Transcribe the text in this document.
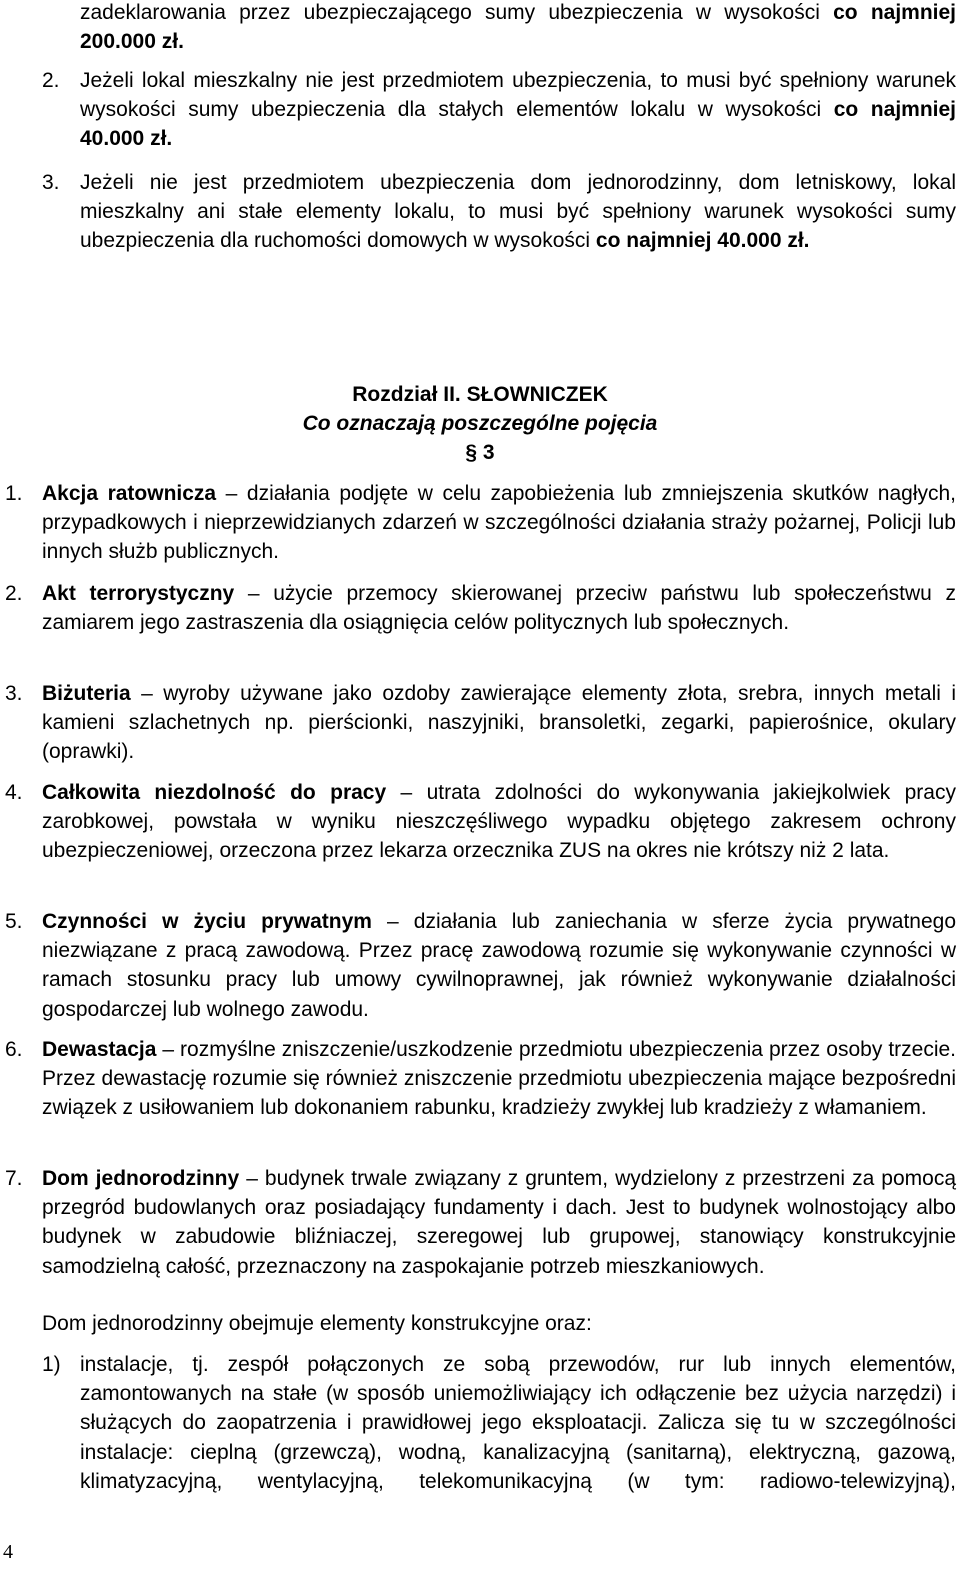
zadeklarowania przez ubezpieczającego sumy ubezpieczenia w wysokości co najmniej 200.000 zł.

2. Jeżeli lokal mieszkalny nie jest przedmiotem ubezpieczenia, to musi być spełniony warunek wysokości sumy ubezpieczenia dla stałych elementów lokalu w wysokości co najmniej 40.000 zł.

3. Jeżeli nie jest przedmiotem ubezpieczenia dom jednorodzinny, dom letniskowy, lokal mieszkalny ani stałe elementy lokalu, to musi być spełniony warunek wysokości sumy ubezpieczenia dla ruchomości domowych w wysokości co najmniej 40.000 zł.

Rozdział II. SŁOWNICZEK
Co oznaczają poszczególne pojęcia
§ 3
1. Akcja ratownicza – działania podjęte w celu zapobieżenia lub zmniejszenia skutków nagłych, przypadkowych i nieprzewidzianych zdarzeń w szczególności działania straży pożarnej, Policji lub innych służb publicznych.

2. Akt terrorystyczny – użycie przemocy skierowanej przeciw państwu lub społeczeństwu z zamiarem jego zastraszenia dla osiągnięcia celów politycznych lub społecznych.

3. Biżuteria – wyroby używane jako ozdoby zawierające elementy złota, srebra, innych metali i kamieni szlachetnych np. pierścionki, naszyjniki, bransoletki, zegarki, papierośnice, okulary (oprawki).

4. Całkowita niezdolność do pracy – utrata zdolności do wykonywania jakiejkolwiek pracy zarobkowej, powstała w wyniku nieszczęśliwego wypadku objętego zakresem ochrony ubezpieczeniowej, orzeczona przez lekarza orzecznika ZUS na okres nie krótszy niż 2 lata.

5. Czynności w życiu prywatnym – działania lub zaniechania w sferze życia prywatnego niezwiązane z pracą zawodową. Przez pracę zawodową rozumie się wykonywanie czynności w ramach stosunku pracy lub umowy cywilnoprawnej, jak również wykonywanie działalności gospodarczej lub wolnego zawodu.

6. Dewastacja – rozmyślne zniszczenie/uszkodzenie przedmiotu ubezpieczenia przez osoby trzecie. Przez dewastację rozumie się również zniszczenie przedmiotu ubezpieczenia mające bezpośredni związek z usiłowaniem lub dokonaniem rabunku, kradzieży zwykłej lub kradzieży z włamaniem.

7. Dom jednorodzinny – budynek trwale związany z gruntem, wydzielony z przestrzeni za pomocą przegród budowlanych oraz posiadający fundamenty i dach. Jest to budynek wolnostojący albo budynek w zabudowie bliźniaczej, szeregowej lub grupowej, stanowiący konstrukcyjnie samodzielną całość, przeznaczony na zaspokajanie potrzeb mieszkaniowych.

Dom jednorodzinny obejmuje elementy konstrukcyjne oraz:

1) instalacje, tj. zespół połączonych ze sobą przewodów, rur lub innych elementów, zamontowanych na stałe (w sposób uniemożliwiający ich odłączenie bez użycia narzędzi) i służących do zaopatrzenia i prawidłowej jego eksploatacji. Zalicza się tu w szczególności instalacje: cieplną (grzewczą), wodną, kanalizacyjną (sanitarną), elektryczną, gazową, klimatyzacyjną, wentylacyjną, telekomunikacyjną (w tym: radiowo-telewizyjną),

4
